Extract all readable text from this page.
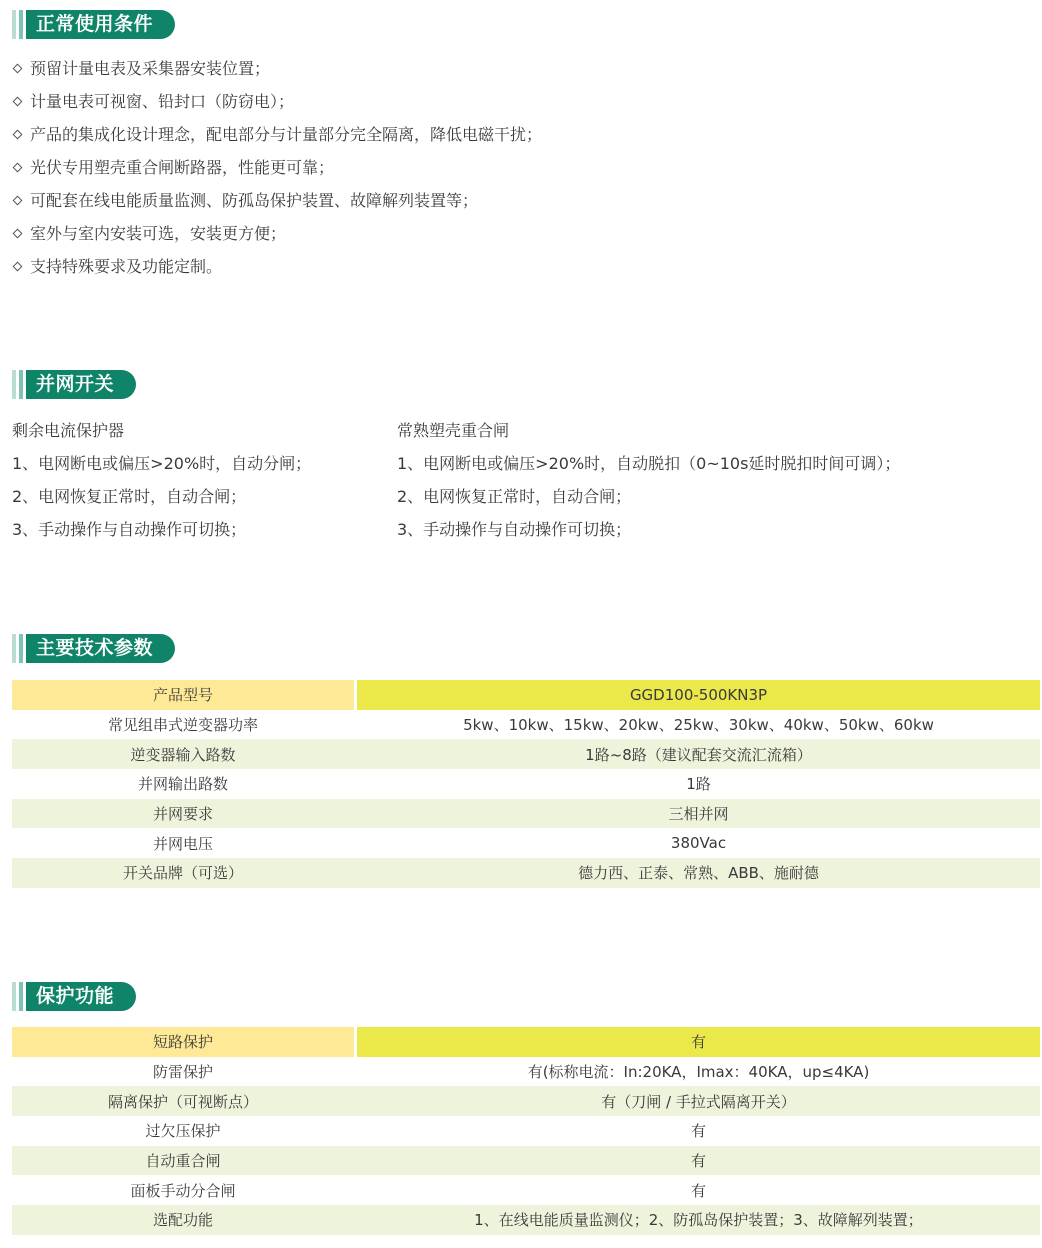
正常使用条件
预留计量电表及采集器安装位置；
计量电表可视窗、铅封口（防窃电）；
产品的集成化设计理念，配电部分与计量部分完全隔离，降低电磁干扰；
光伏专用塑壳重合闸断路器，性能更可靠；
可配套在线电能质量监测、防孤岛保护装置、故障解列装置等；
室外与室内安装可选，安装更方便；
支持特殊要求及功能定制。
并网开关
剩余电流保护器
1、电网断电或偏压>20%时，自动分闸；
2、电网恢复正常时，自动合闸；
3、手动操作与自动操作可切换；
常熟塑壳重合闸
1、电网断电或偏压>20%时，自动脱扣（0~10s延时脱扣时间可调）；
2、电网恢复正常时，自动合闸；
3、手动操作与自动操作可切换；
主要技术参数
产品型号		GGD100-500KN3P
常见组串式逆变器功率		5kw、10kw、15kw、20kw、25kw、30kw、40kw、50kw、60kw
逆变器输入路数		1路~8路（建议配套交流汇流箱）
并网输出路数		1路
并网要求		三相并网
并网电压		380Vac
开关品牌（可选）		德力西、正泰、常熟、ABB、施耐德
保护功能
短路保护		有
防雷保护		有(标称电流：In:20KA，Imax：40KA，up≤4KA)
隔离保护（可视断点）		有（刀闸 / 手拉式隔离开关）
过欠压保护		有
自动重合闸		有
面板手动分合闸		有
选配功能		1、在线电能质量监测仪；2、防孤岛保护装置；3、故障解列装置；
